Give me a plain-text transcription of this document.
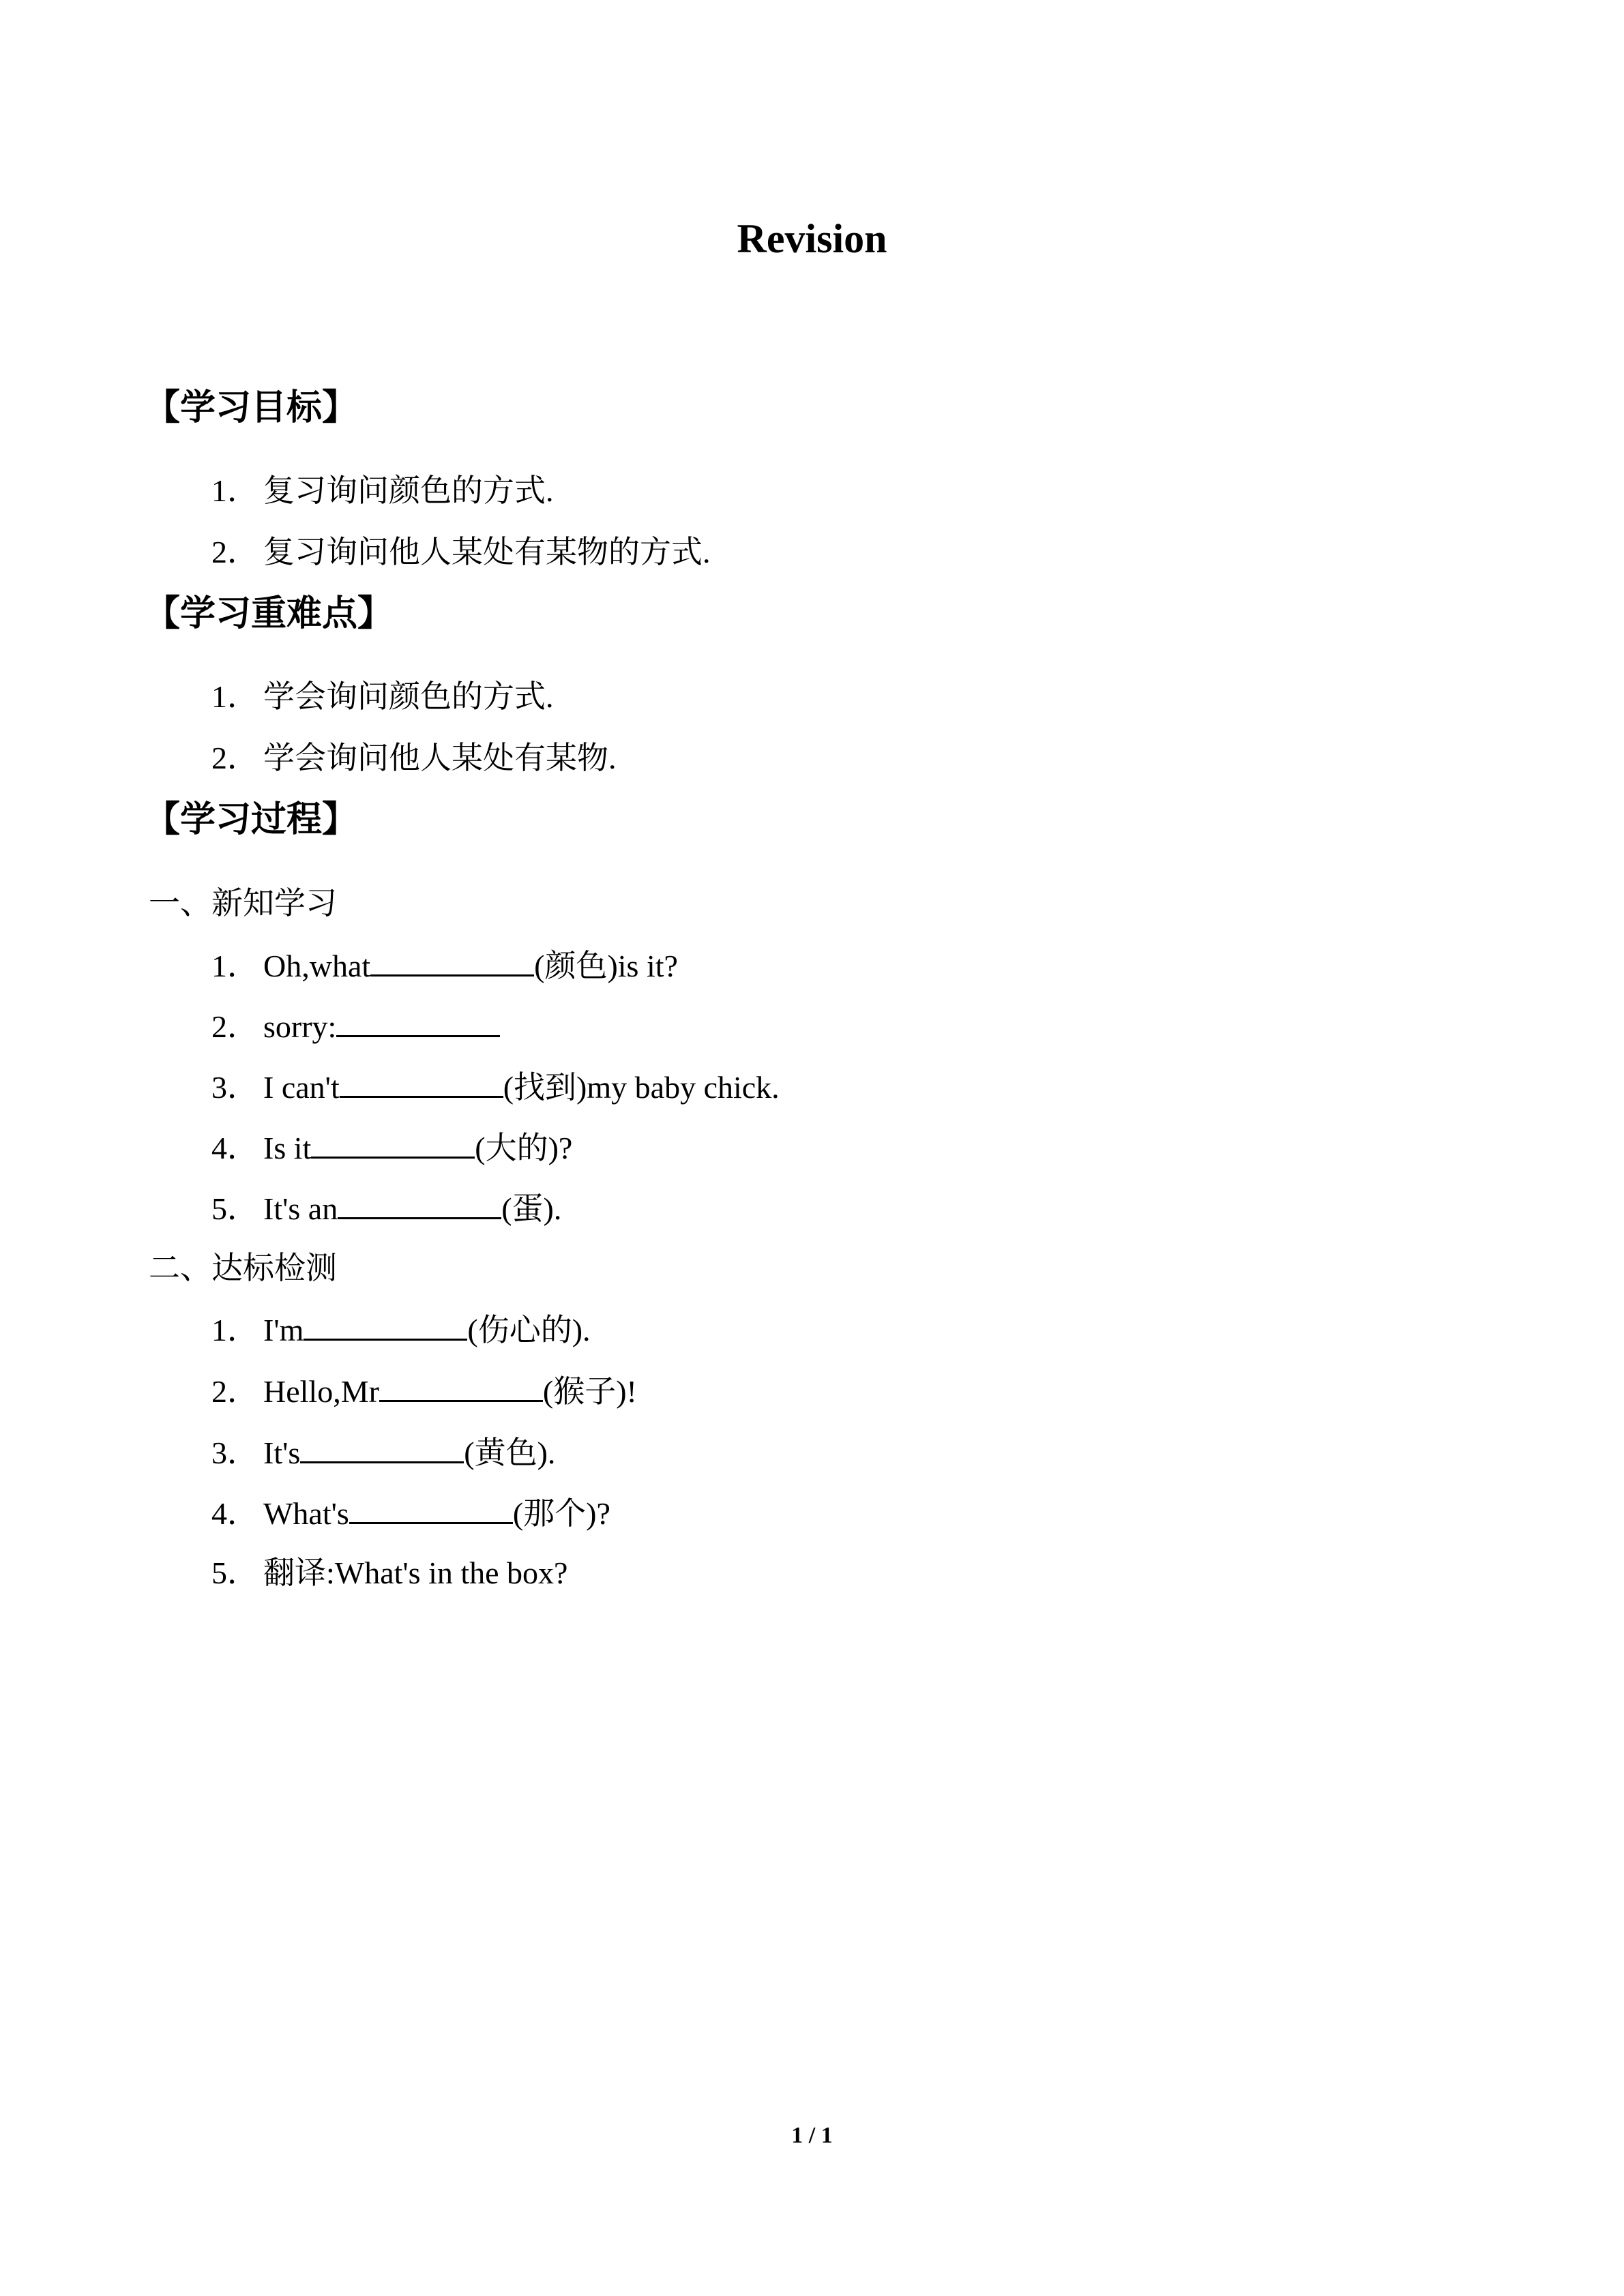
Revision
【学习目标】
1． 复习询问颜色的方式.
2． 复习询问他人某处有某物的方式.
【学习重难点】
1． 学会询问颜色的方式.
2． 学会询问他人某处有某物.
【学习过程】
一、新知学习
1． Oh,what	(颜色)is it?
2． sorry:
3． I can't	(找到)my baby chick.
4． Is it	(大的)?
5． It's an	(蛋).
二、达标检测
1． I'm	(伤心的).
2． Hello,Mr	(猴子)!
3． It's	(黄色).
4． What's	(那个)?
5． 翻译:What's in the box?
1 / 1
